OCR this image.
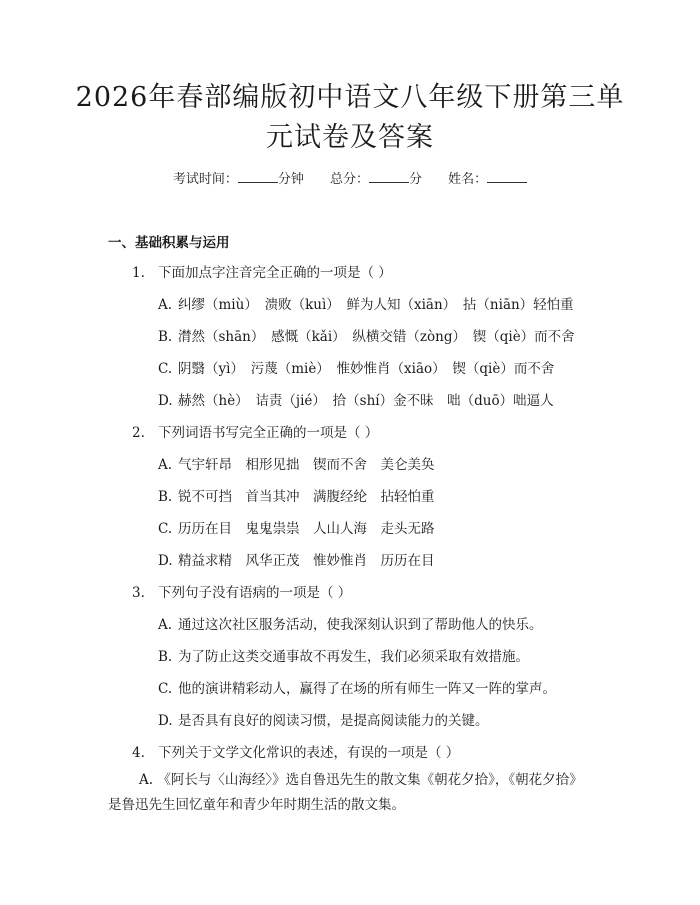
2026年春部编版初中语文八年级下册第三单
元试卷及答案
考试时间：	分钟 总分：	分 姓名：
一、基础积累与运用
1. 下面加点字注音完全正确的一项是（ ）
A. 纠缪（miù）　溃败（kuì）　鲜为人知（xiān）　拈（niān）轻怕重
B. 潸然（shān）　感慨（kǎi）　纵横交错（zòng）　锲（qiè）而不舍
C. 阴翳（yì）　污蔑（miè）　惟妙惟肖（xiāo）　锲（qiè）而不舍
D. 赫然（hè）　诘责（jié）　拾（shí）金不昧　咄（duō）咄逼人
2. 下列词语书写完全正确的一项是（ ）
A. 气宇轩昂　相形见拙　锲而不舍　美仑美奂
B. 锐不可挡　首当其冲　满腹经纶　拈轻怕重
C. 历历在目　鬼鬼祟祟　人山人海　走头无路
D. 精益求精　风华正茂　惟妙惟肖　历历在目
3. 下列句子没有语病的一项是（ ）
A. 通过这次社区服务活动，使我深刻认识到了帮助他人的快乐。
B. 为了防止这类交通事故不再发生，我们必须采取有效措施。
C. 他的演讲精彩动人，赢得了在场的所有师生一阵又一阵的掌声。
D. 是否具有良好的阅读习惯，是提高阅读能力的关键。
4. 下列关于文学文化常识的表述，有误的一项是（ ）
A. 《阿长与〈山海经〉》选自鲁迅先生的散文集《朝花夕拾》，《朝花夕拾》是鲁迅先生回忆童年和青少年时期生活的散文集。
